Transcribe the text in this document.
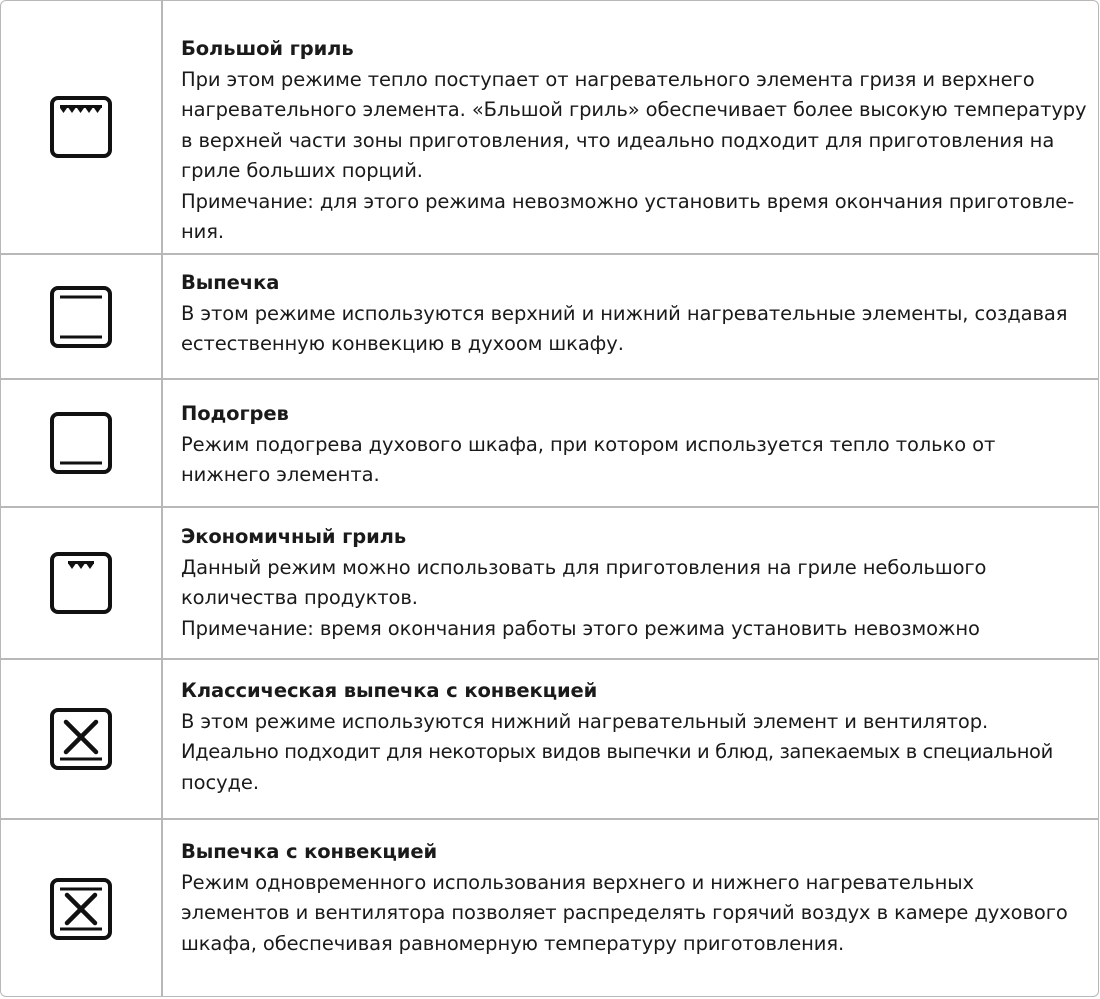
Большой гриль
При этом режиме тепло поступает от нагревательного элемента гризя и верхнего
нагревательного элемента. «Бльшой гриль» обеспечивает более высокую температуру
в верхней части зоны приготовления, что идеально подходит для приготовления на
гриле больших порций.
Примечание: для этого режима невозможно установить время окончания приготовле-
ния.
Выпечка
В этом режиме используются верхний и нижний нагревательные элементы, создавая
естественную конвекцию в духоом шкафу.
Подогрев
Режим подогрева духового шкафа, при котором используется тепло только от
нижнего элемента.
Экономичный гриль
Данный режим можно использовать для приготовления на гриле небольшого
количества продуктов.
Примечание: время окончания работы этого режима установить невозможно
Классическая выпечка с конвекцией
В этом режиме используются нижний нагревательный элемент и вентилятор.
Идеально подходит для некоторых видов выпечки и блюд, запекаемых в специальной
посуде.
Выпечка с конвекцией
Режим одновременного использования верхнего и нижнего нагревательных
элементов и вентилятора позволяет распределять горячий воздух в камере духового
шкафа, обеспечивая равномерную температуру приготовления.
